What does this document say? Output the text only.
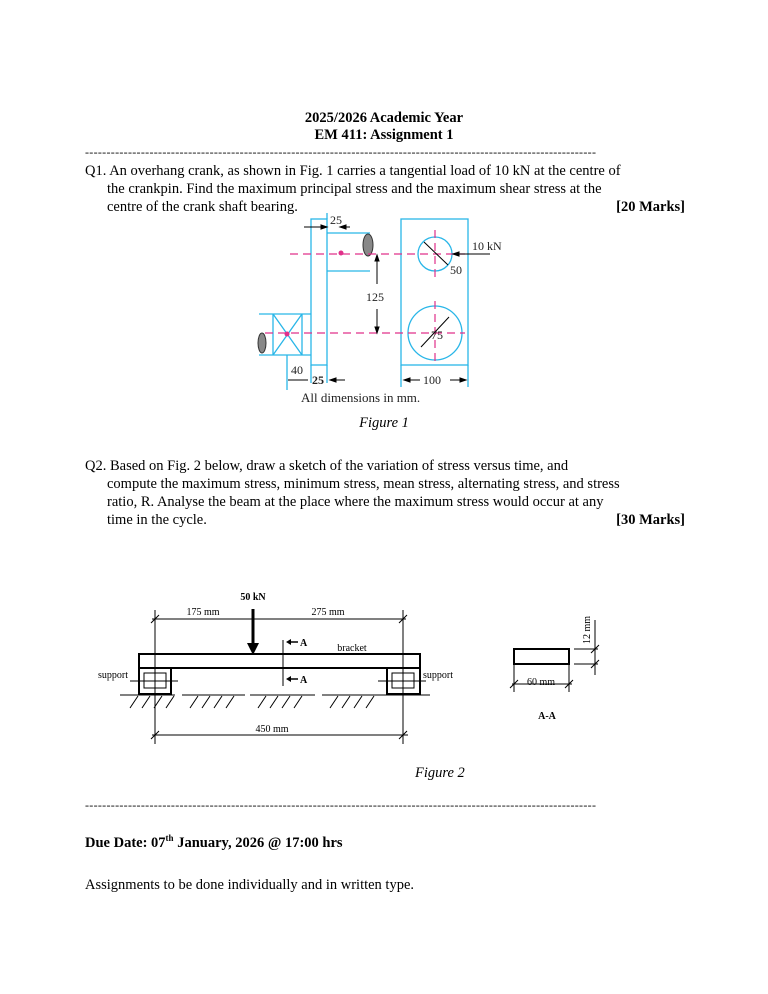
2025/2026 Academic Year
EM 411: Assignment 1
-----------------------------------------------------------------------------------------------------------------------
Q1. An overhang crank, as shown in Fig. 1 carries a tangential load of 10 kN at the centre of
the crankpin. Find the maximum principal stress and the maximum shear stress at the
centre of the crank shaft bearing.	[20 Marks]
25
10 kN
50
125
75
40
25	100
All dimensions in mm.
Figure 1
Q2. Based on Fig. 2 below, draw a sketch of the variation of stress versus time, and
compute the maximum stress, minimum stress, mean stress, alternating stress, and stress
ratio, R. Analyse the beam at the place where the maximum stress would occur at any
time in the cycle.	[30 Marks]
50 kN
175 mm	275 mm
A
A
bracket
support	support
450 mm
60 mm
A-A
12 mm
Figure 2
-----------------------------------------------------------------------------------------------------------------------
Due Date: 07th January, 2026 @ 17:00 hrs
Assignments to be done individually and in written type.
